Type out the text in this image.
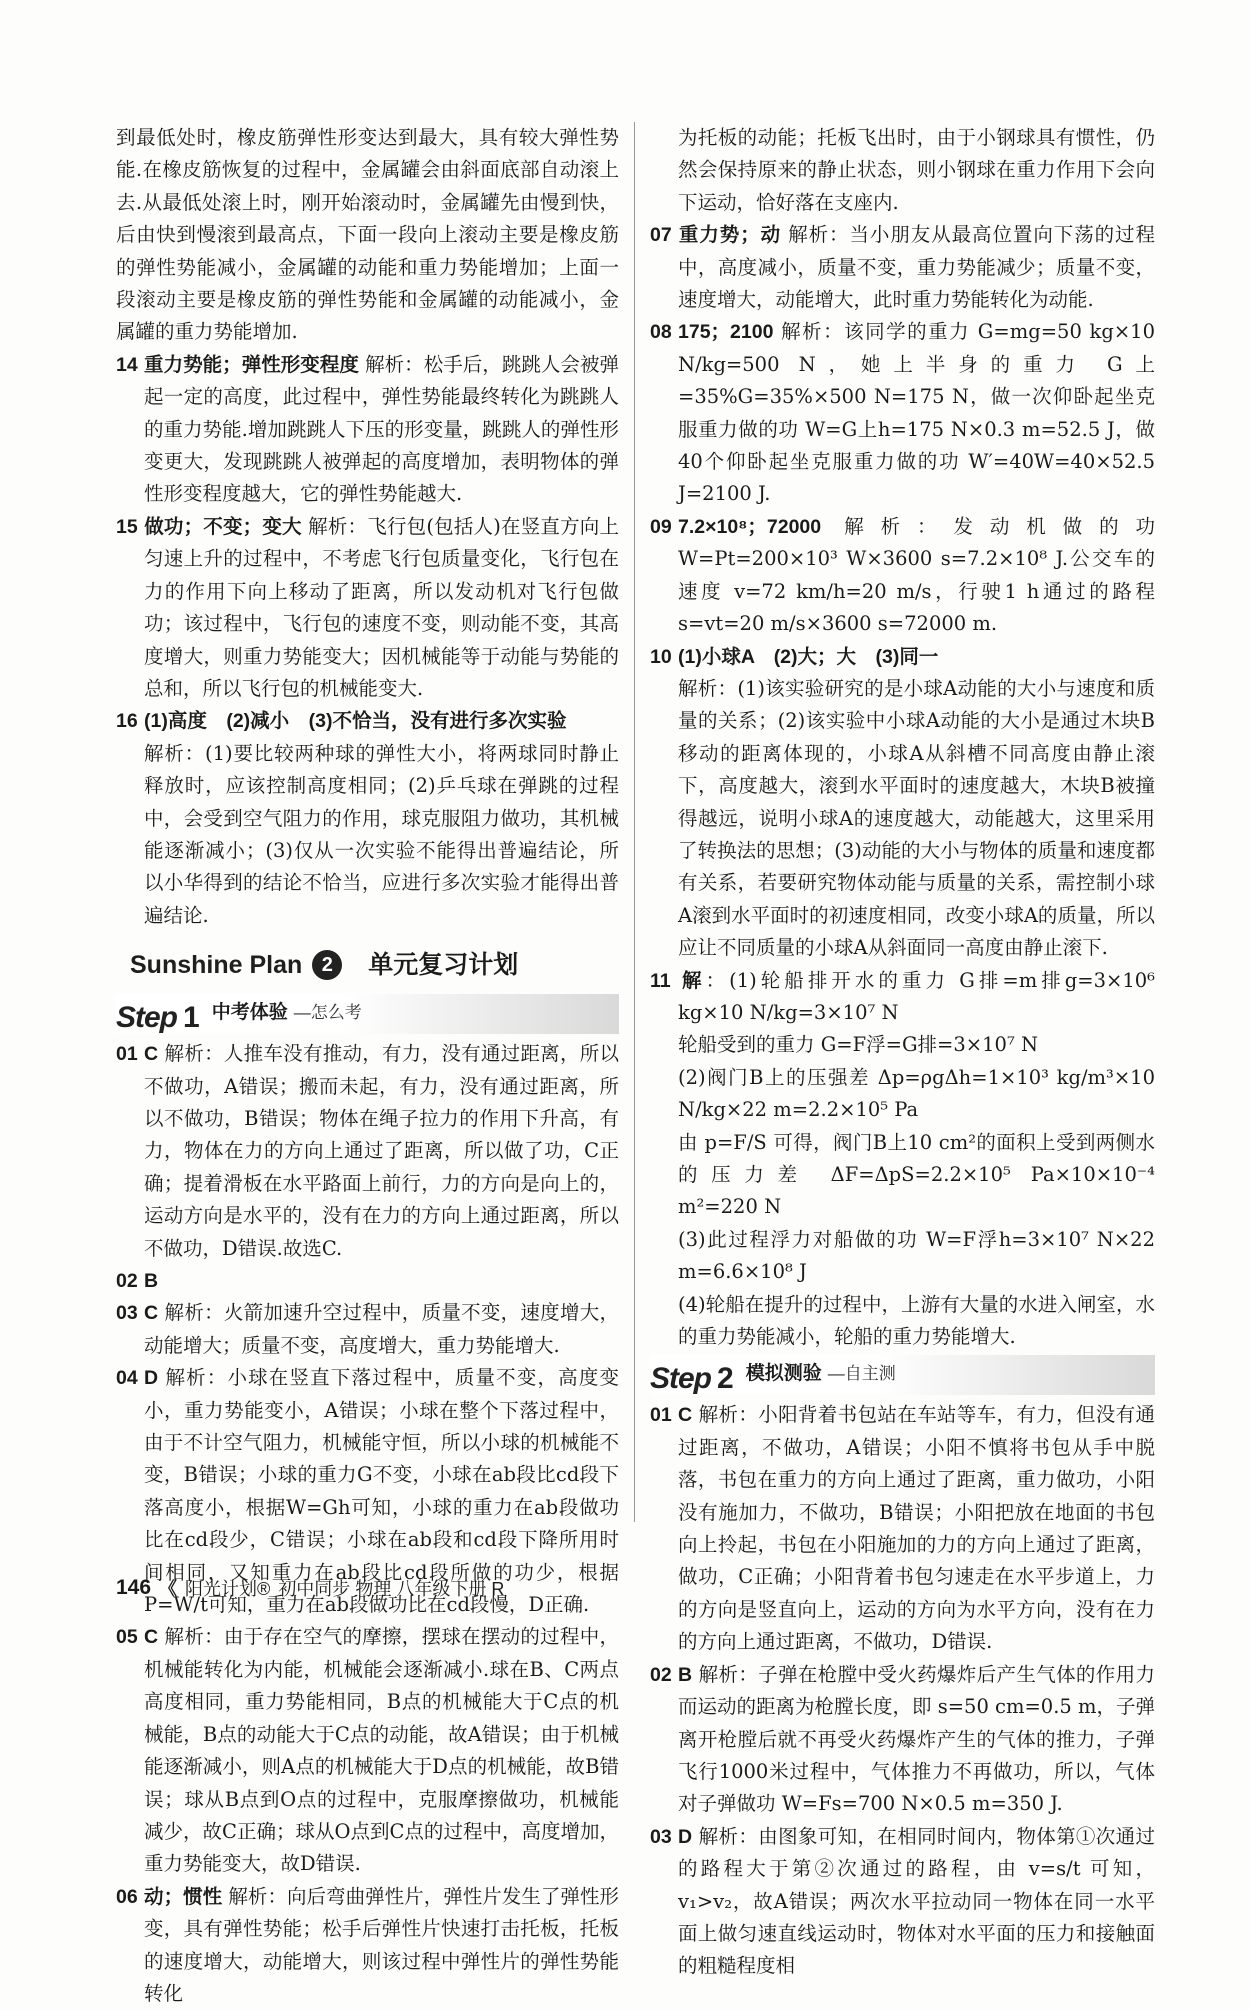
到最低处时，橡皮筋弹性形变达到最大，具有较大弹性势能.在橡皮筋恢复的过程中，金属罐会由斜面底部自动滚上去.从最低处滚上时，刚开始滚动时，金属罐先由慢到快，后由快到慢滚到最高点，下面一段向上滚动主要是橡皮筋的弹性势能减小，金属罐的动能和重力势能增加；上面一段滚动主要是橡皮筋的弹性势能和金属罐的动能减小，金属罐的重力势能增加.

14 重力势能；弹性形变程度 解析：松手后，跳跳人会被弹起一定的高度，此过程中，弹性势能最终转化为跳跳人的重力势能.增加跳跳人下压的形变量，跳跳人的弹性形变更大，发现跳跳人被弹起的高度增加，表明物体的弹性形变程度越大，它的弹性势能越大.

15 做功；不变；变大 解析：飞行包(包括人)在竖直方向上匀速上升的过程中，不考虑飞行包质量变化，飞行包在力的作用下向上移动了距离，所以发动机对飞行包做功；该过程中，飞行包的速度不变，则动能不变，其高度增大，则重力势能变大；因机械能等于动能与势能的总和，所以飞行包的机械能变大.

16 (1)高度　(2)减小　(3)不恰当，没有进行多次实验
解析：(1)要比较两种球的弹性大小，将两球同时静止释放时，应该控制高度相同；(2)乒乓球在弹跳的过程中，会受到空气阻力的作用，球克服阻力做功，其机械能逐渐减小；(3)仅从一次实验不能得出普遍结论，所以小华得到的结论不恰当，应进行多次实验才能得出普遍结论.
Sunshine Plan 2	单元复习计划
Step 1 中考体验 —怎么考

01 C 解析：人推车没有推动，有力，没有通过距离，所以不做功，A错误；搬而未起，有力，没有通过距离，所以不做功，B错误；物体在绳子拉力的作用下升高，有力，物体在力的方向上通过了距离，所以做了功，C正确；提着滑板在水平路面上前行，力的方向是向上的，运动方向是水平的，没有在力的方向上通过距离，所以不做功，D错误.故选C.

02 B

03 C 解析：火箭加速升空过程中，质量不变，速度增大，动能增大；质量不变，高度增大，重力势能增大.

04 D 解析：小球在竖直下落过程中，质量不变，高度变小，重力势能变小，A错误；小球在整个下落过程中，由于不计空气阻力，机械能守恒，所以小球的机械能不变，B错误；小球的重力G不变，小球在ab段比cd段下落高度小，根据W=Gh可知，小球的重力在ab段做功比在cd段少，C错误；小球在ab段和cd段下降所用时间相同，又知重力在ab段比cd段所做的功少，根据P=W/t可知，重力在ab段做功比在cd段慢，D正确.

05 C 解析：由于存在空气的摩擦，摆球在摆动的过程中，机械能转化为内能，机械能会逐渐减小.球在B、C两点高度相同，重力势能相同，B点的机械能大于C点的机械能，B点的动能大于C点的动能，故A错误；由于机械能逐渐减小，则A点的机械能大于D点的机械能，故B错误；球从B点到O点的过程中，克服摩擦做功，机械能减少，故C正确；球从O点到C点的过程中，高度增加，重力势能变大，故D错误.

06 动；惯性 解析：向后弯曲弹性片，弹性片发生了弹性形变，具有弹性势能；松手后弹性片快速打击托板，托板的速度增大，动能增大，则该过程中弹性片的弹性势能转化

为托板的动能；托板飞出时，由于小钢球具有惯性，仍然会保持原来的静止状态，则小钢球在重力作用下会向下运动，恰好落在支座内.

07 重力势；动 解析：当小朋友从最高位置向下荡的过程中，高度减小，质量不变，重力势能减少；质量不变，速度增大，动能增大，此时重力势能转化为动能.

08 175；2100 解析：该同学的重力 G=mg=50 kg×10 N/kg=500 N，她上半身的重力 G上=35%G=35%×500 N=175 N，做一次仰卧起坐克服重力做的功 W=G上h=175 N×0.3 m=52.5 J，做40个仰卧起坐克服重力做的功 W′=40W=40×52.5 J=2100 J.

09 7.2×10⁸；72000 解析：发动机做的功 W=Pt=200×10³ W×3600 s=7.2×10⁸ J.公交车的速度 v=72 km/h=20 m/s，行驶1 h通过的路程 s=vt=20 m/s×3600 s=72000 m.

10 (1)小球A　(2)大；大　(3)同一
解析：(1)该实验研究的是小球A动能的大小与速度和质量的关系；(2)该实验中小球A动能的大小是通过木块B移动的距离体现的，小球A从斜槽不同高度由静止滚下，高度越大，滚到水平面时的速度越大，木块B被撞得越远，说明小球A的速度越大，动能越大，这里采用了转换法的思想；(3)动能的大小与物体的质量和速度都有关系，若要研究物体动能与质量的关系，需控制小球A滚到水平面时的初速度相同，改变小球A的质量，所以应让不同质量的小球A从斜面同一高度由静止滚下.

11 解：(1)轮船排开水的重力 G排=m排g=3×10⁶ kg×10 N/kg=3×10⁷ N
轮船受到的重力 G=F浮=G排=3×10⁷ N
(2)阀门B上的压强差 Δp=ρgΔh=1×10³ kg/m³×10 N/kg×22 m=2.2×10⁵ Pa
由 p=F/S 可得，阀门B上10 cm²的面积上受到两侧水的压力差 ΔF=ΔpS=2.2×10⁵ Pa×10×10⁻⁴ m²=220 N
(3)此过程浮力对船做的功 W=F浮h=3×10⁷ N×22 m=6.6×10⁸ J
(4)轮船在提升的过程中，上游有大量的水进入闸室，水的重力势能减小，轮船的重力势能增大.

Step 2 模拟测验 —自主测

01 C 解析：小阳背着书包站在车站等车，有力，但没有通过距离，不做功，A错误；小阳不慎将书包从手中脱落，书包在重力的方向上通过了距离，重力做功，小阳没有施加力，不做功，B错误；小阳把放在地面的书包向上拎起，书包在小阳施加的力的方向上通过了距离，做功，C正确；小阳背着书包匀速走在水平步道上，力的方向是竖直向上，运动的方向为水平方向，没有在力的方向上通过距离，不做功，D错误.

02 B 解析：子弹在枪膛中受火药爆炸后产生气体的作用力而运动的距离为枪膛长度，即 s=50 cm=0.5 m，子弹离开枪膛后就不再受火药爆炸产生的气体的推力，子弹飞行1000米过程中，气体推力不再做功，所以，气体对子弹做功 W=Fs=700 N×0.5 m=350 J.

03 D 解析：由图象可知，在相同时间内，物体第①次通过的路程大于第②次通过的路程，由 v=s/t 可知，v₁>v₂，故A错误；两次水平拉动同一物体在同一水平面上做匀速直线运动时，物体对水平面的压力和接触面的粗糙程度相

146 《 阳光计划® 初中同步 物理 八年级下册 R
